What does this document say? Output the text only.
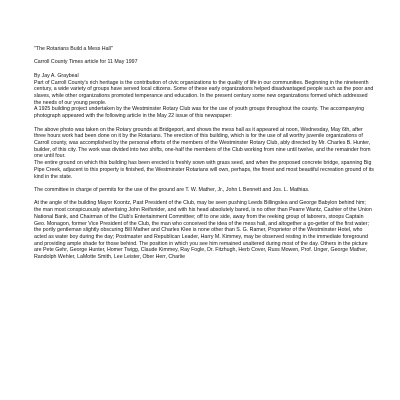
"The Rotarians Build a Mess Hall"

Carroll County Times article for 11 May 1997

By Jay A. Graybeal

Part of Carroll County's rich heritage is the contribution of civic organizations to the quality of life in our communities. Beginning in the nineteenth century, a wide variety of groups have served local citizens. Some of these early organizations helped disadvantaged people such as the poor and slaves, while other organizations promoted temperance and education. In the present century some new organizations formed which addressed the needs of our young people.

A 1925 building project undertaken by the Westminster Rotary Club was for the use of youth groups throughout the county. The accompanying photograph appeared with the following article in the May 22 issue of this newspaper:

The above photo was taken on the Rotary grounds at Bridgeport, and shows the mess hall as it appeared at noon, Wednesday, May 6th, after three hours work had been done on it by the Rotarians. The erection of this building, which is for the use of all worthy juvenile organizations of Carroll county, was accomplished by the personal efforts of the members of the Westminster Rotary Club, ably directed by Mr. Charles B. Hunter, builder, of this city. The work was divided into two shifts, one-half the members of the Club working from nine until twelve, and the remainder from one until four.

The entire ground on which this building has been erected is freshly sown with grass seed, and when the proposed concrete bridge, spanning Big Pipe Creek, adjacent to this property is finished, the Westminster Rotarians will own, perhaps, the finest and most beautiful recreation ground of its kind in the state.

The committee in charge of permits for the use of the ground are T. W. Mather, Jr., John L Bennett and Jos. L. Mathias.

At the angle of the building Mayor Koontz, Past President of the Club, may be seen pushing Leeds Billingslea and George Babylon behind him; the man most conspicuously advertising John Reifsnider, and with his head absolutely bared, is no other than Pearre Wantz, Cashier of the Union National Bank, and Chairman of the Club's Entertainment Committee; off to one side, away from the reeking group of laborers, stoops Captain Geo. Monagon, former Vice President of the Club, the man who conceived the idea of the mess hall, and altogether a go-getter of the first water; the portly gentleman slightly obscuring Bill Mather and Charles Klee is none other than S. G. Ramer, Proprietor of the Westminster Hotel, who acted as water boy during the day; Postmaster and Republican Leader, Harry M. Kimmey, may be observed resting in the immediate foreground and providing ample shade for those behind. The position in which you see him remained unaltered during most of the day. Others in the picture are Pete Gehr, George Hunter, Homer Twigg, Claude Kimmey, Ray Fogle, Dr. Fitzhugh, Herb Cover, Russ Mowen, Prof. Unger, George Mather, Randolph Wehler, LaMotte Smith, Lee Leister, Ober Herr, Charlie
